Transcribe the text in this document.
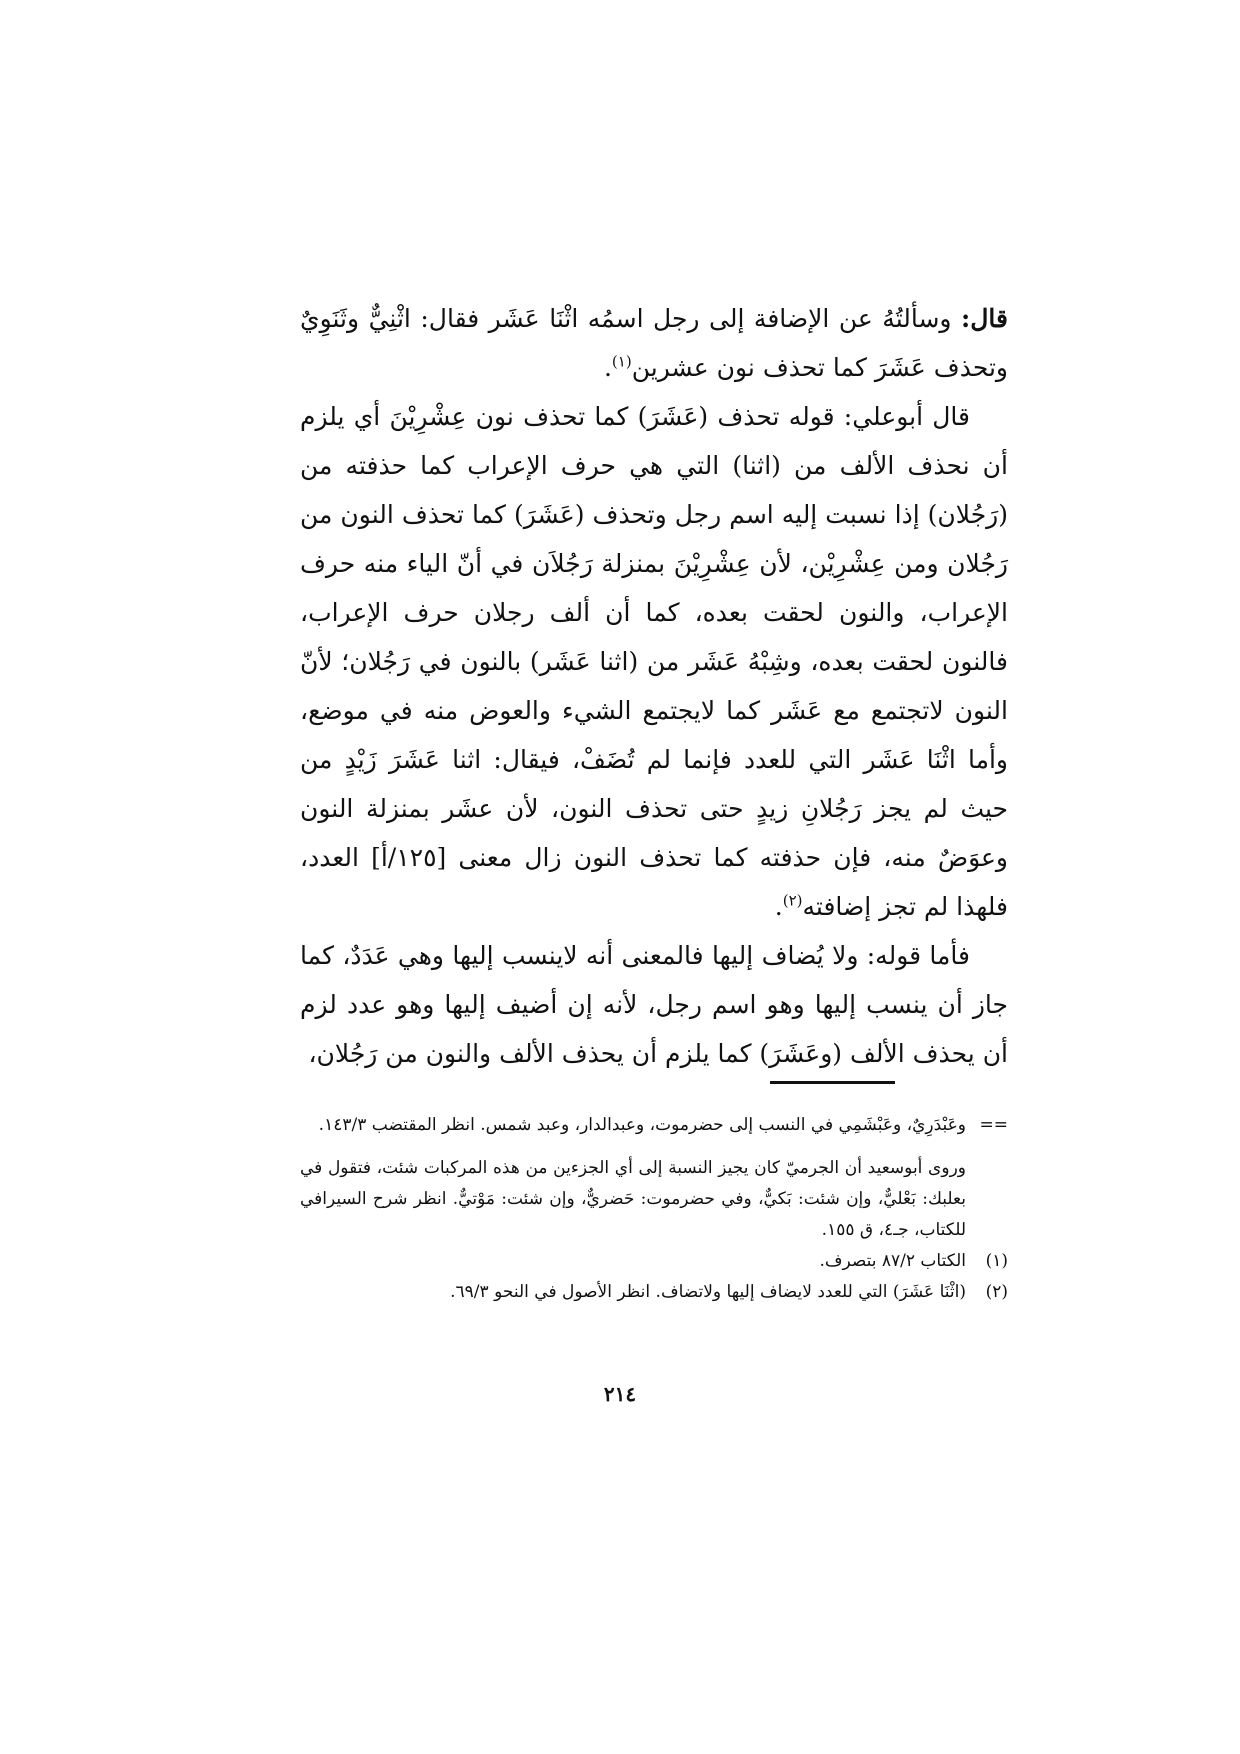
قال: وسألتُهُ عن الإضافة إلى رجل اسمُه اثْنَا عَشَر فقال: اثْنِيٌّ وثَنَوِيٌ وتحذف عَشَرَ كما تحذف نون عشرين$^{(١)}$.

قال أبوعلي: قوله تحذف (عَشَرَ) كما تحذف نون عِشْرِيْنَ أي يلزم أن نحذف الألف من (اثنا) التي هي حرف الإعراب كما حذفته من (رَجُلان) إذا نسبت إليه اسم رجل وتحذف (عَشَرَ) كما تحذف النون من رَجُلان ومن عِشْرِيْن، لأن عِشْرِيْنَ بمنزلة رَجُلاَن في أنّ الياء منه حرف الإعراب، والنون لحقت بعده، كما أن ألف رجلان حرف الإعراب، فالنون لحقت بعده، وشِبْهُ عَشَر من (اثنا عَشَر) بالنون في رَجُلان؛ لأنّ النون لاتجتمع مع عَشَر كما لايجتمع الشيء والعوض منه في موضع، وأما اثْنَا عَشَر التي للعدد فإنما لم تُضَفْ، فيقال: اثنا عَشَرَ زَيْدٍ من حيث لم يجز رَجُلانِ زيدٍ حتى تحذف النون، لأن عشَر بمنزلة النون وعوَضٌ منه، فإن حذفته كما تحذف النون زال معنى [١٢٥/أ] العدد، فلهذا لم تجز إضافته$^{(٢)}$.

فأما قوله: ولا يُضاف إليها فالمعنى أنه لاينسب إليها وهي عَدَدٌ، كما جاز أن ينسب إليها وهو اسم رجل، لأنه إن أضيف إليها وهو عدد لزم أن يحذف الألف (وعَشَرَ) كما يلزم أن يحذف الألف والنون من رَجُلان،

==
وعَبْدَرِيٌ، وعَبْشَمِي في النسب إلى حضرموت، وعبدالدار، وعبد شمس. انظر المقتضب ١٤٣/٣.
وروى أبوسعيد أن الجرميّ كان يجيز النسبة إلى أي الجزءين من هذه المركبات شئت، فتقول في بعلبك: بَعْليٌّ، وإن شئت: بَكيٌّ، وفي حضرموت: حَضريٌّ، وإن شئت: مَوْتيٌّ. انظر شرح السيرافي للكتاب، جـ٤، ق ١٥٥.
(١)
الكتاب ٨٧/٢ بتصرف.
(٢)
(اثْنَا عَشَرَ) التي للعدد لايضاف إليها ولاتضاف. انظر الأصول في النحو ٦٩/٣.
٢١٤
